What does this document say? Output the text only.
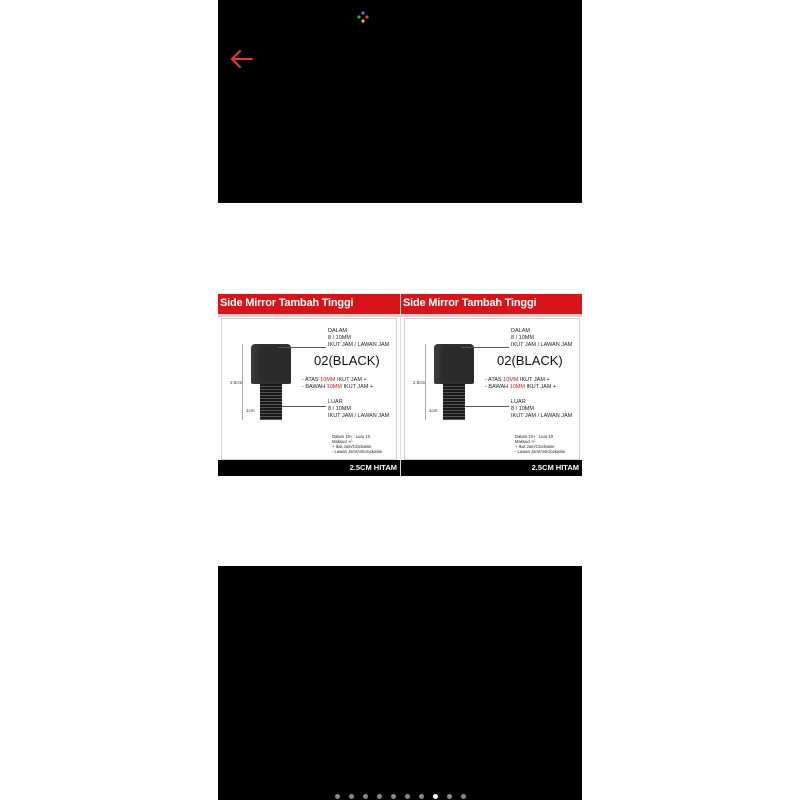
Side Mirror Tambah Tinggi
2.5cm
1cm
DALAM
8 / 10MM
IKUT JAM / LAWAN JAM
02(BLACK)
- ATAS 10MM IKUT JAM +
- BAWAH 10MM IKUT JAM +
LUAR
8 / 10MM
IKUT JAM / LAWAN JAM
Dalam 10+ : Luar 10
Maksud +/-
+ Ikut Jam/Clockwise
- Lawan Jam/Anticlockwise
2.5CM HITAM
Side Mirror Tambah Tinggi
2.5cm
1cm
DALAM
8 / 10MM
IKUT JAM / LAWAN JAM
02(BLACK)
- ATAS 10MM IKUT JAM +
- BAWAH 10MM IKUT JAM +
LUAR
8 / 10MM
IKUT JAM / LAWAN JAM
Dalam 10+ : Luar 10
Maksud +/-
+ Ikut Jam/Clockwise
- Lawan Jam/Anticlockwise
2.5CM HITAM
